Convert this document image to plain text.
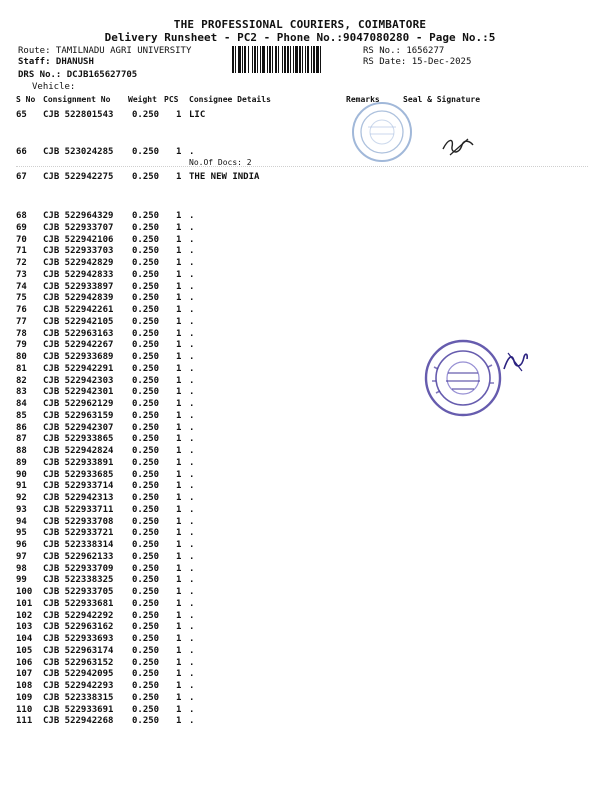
THE PROFESSIONAL COURIERS, COIMBATORE
Delivery Runsheet - PC2 - Phone No.:9047080280 - Page No.:5
Route: TAMILNADU AGRI UNIVERSITY
Staff: DHANUSH
DRS No.: DCJB165627705
Vehicle:
RS No.: 1656277
RS Date: 15-Dec-2025
S No Consignment No Weight PCS Consignee Details	Remarks	Seal & Signature
65 CJB 522801543 0.250 1 LIC
66 CJB 523024285 0.250 1 .
67 CJB 522942275 0.250 1 THE NEW INDIA
68 CJB 522964329 0.250 1 .
69 CJB 522933707 0.250 1 .
70 CJB 522942106 0.250 1 .
71 CJB 522933703 0.250 1 .
72 CJB 522942829 0.250 1 .
73 CJB 522942833 0.250 1 .
74 CJB 522933897 0.250 1 .
75 CJB 522942839 0.250 1 .
76 CJB 522942261 0.250 1 .
77 CJB 522942105 0.250 1 .
78 CJB 522963163 0.250 1 .
79 CJB 522942267 0.250 1 .
80 CJB 522933689 0.250 1 .
81 CJB 522942291 0.250 1 .
82 CJB 522942303 0.250 1 .
83 CJB 522942301 0.250 1 .
84 CJB 522962129 0.250 1 .
85 CJB 522963159 0.250 1 .
86 CJB 522942307 0.250 1 .
87 CJB 522933865 0.250 1 .
88 CJB 522942824 0.250 1 .
89 CJB 522933891 0.250 1 .
90 CJB 522933685 0.250 1 .
91 CJB 522933714 0.250 1 .
92 CJB 522942313 0.250 1 .
93 CJB 522933711 0.250 1 .
94 CJB 522933708 0.250 1 .
95 CJB 522933721 0.250 1 .
96 CJB 522338314 0.250 1 .
97 CJB 522962133 0.250 1 .
98 CJB 522933709 0.250 1 .
99 CJB 522338325 0.250 1 .
100 CJB 522933705 0.250 1 .
101 CJB 522933681 0.250 1 .
102 CJB 522942292 0.250 1 .
103 CJB 522963162 0.250 1 .
104 CJB 522933693 0.250 1 .
105 CJB 522963174 0.250 1 .
106 CJB 522963152 0.250 1 .
107 CJB 522942095 0.250 1 .
108 CJB 522942293 0.250 1 .
109 CJB 522338315 0.250 1 .
110 CJB 522933691 0.250 1 .
111 CJB 522942268 0.250 1 .
No.Of Docs: 2
